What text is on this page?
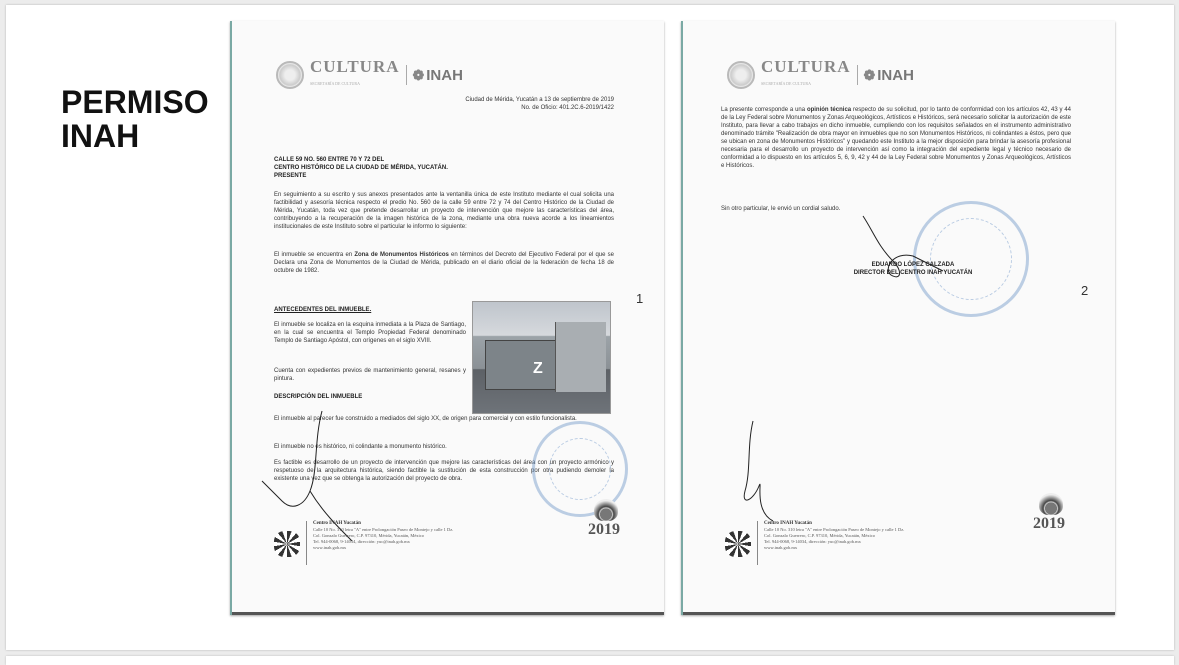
PERMISO
INAH
CULTURA
SECRETARÍA DE CULTURA
❁ INAH
Ciudad de Mérida, Yucatán a 13 de septiembre de 2019
No. de Oficio: 401.2C.6-2019/1422
CALLE 59 NO. 560 ENTRE 70 Y 72 DEL
CENTRO HISTÓRICO DE LA CIUDAD DE MÉRIDA, YUCATÁN.
PRESENTE
En seguimiento a su escrito y sus anexos presentados ante la ventanilla única de este Instituto mediante el cual solicita una factibilidad y asesoría técnica respecto el predio No. 560 de la calle 59 entre 72 y 74 del Centro Histórico de la Ciudad de Mérida, Yucatán, toda vez que pretende desarrollar un proyecto de intervención que mejore las características del área, contribuyendo a la recuperación de la imagen histórica de la zona, mediante una obra nueva acorde a los lineamientos institucionales de este Instituto sobre el particular le informo lo siguiente:
El inmueble se encuentra en Zona de Monumentos Históricos en términos del Decreto del Ejecutivo Federal por el que se Declara una Zona de Monumentos de la Ciudad de Mérida, publicado en el diario oficial de la federación de fecha 18 de octubre de 1982.
ANTECEDENTES DEL INMUEBLE.
El inmueble se localiza en la esquina inmediata a la Plaza de Santiago, en la cual se encuentra el Templo Propiedad Federal denominado Templo de Santiago Apóstol, con orígenes en el siglo XVIII.
Cuenta con expedientes previos de mantenimiento general, resanes y pintura.
Z
DESCRIPCIÓN DEL INMUEBLE
El inmueble al parecer fue construido a mediados del siglo XX, de origen para comercial y con estilo funcionalista.
El inmueble no es histórico, ni colindante a monumento histórico.
Es factible es desarrollo de un proyecto de intervención que mejore las características del área con un proyecto armónico y respetuoso de la arquitectura histórica, siendo factible la sustitución de esta construcción por otra pudiendo demoler la existente una vez que se obtenga la autorización del proyecto de obra.
1
2019
Centro INAH Yucatán
Calle 10 No. 310 letra "A" entre Prolongación Paseo de Montejo y calle 1 Dz.
Col. Gonzalo Guerrero, C.P. 97310, Mérida, Yucatán, México
Tel. 944-0068, 9-14034, dirección: yuc@inah.gob.mx
www.inah.gob.mx
CULTURA
SECRETARÍA DE CULTURA
❁ INAH
La presente corresponde a una opinión técnica respecto de su solicitud, por lo tanto de conformidad con los artículos 42, 43 y 44 de la Ley Federal sobre Monumentos y Zonas Arqueológicos, Artísticos e Históricos, será necesario solicitar la autorización de este Instituto, para llevar a cabo trabajos en dicho inmueble, cumpliendo con los requisitos señalados en el instrumento administrativo denominado trámite "Realización de obra mayor en inmuebles que no son Monumentos Históricos, ni colindantes a éstos, pero que se ubican en zona de Monumentos Históricos" y quedando este Instituto a la mejor disposición para brindar la asesoría profesional necesaria para el desarrollo un proyecto de intervención así como la integración del expediente legal y técnico necesario de conformidad a lo dispuesto en los artículos 5, 6, 9, 42 y 44 de la Ley Federal sobre Monumentos y Zonas Arqueológicos, Artísticos e Históricos.
Sin otro particular, le envió un cordial saludo.
EDUARDO LÓPEZ CALZADA
DIRECTOR DEL CENTRO INAH YUCATÁN
2
2019
Centro INAH Yucatán
Calle 10 No. 310 letra "A" entre Prolongación Paseo de Montejo y calle 1 Dz.
Col. Gonzalo Guerrero, C.P. 97310, Mérida, Yucatán, México
Tel. 944-0068, 9-14034, dirección: yuc@inah.gob.mx
www.inah.gob.mx
